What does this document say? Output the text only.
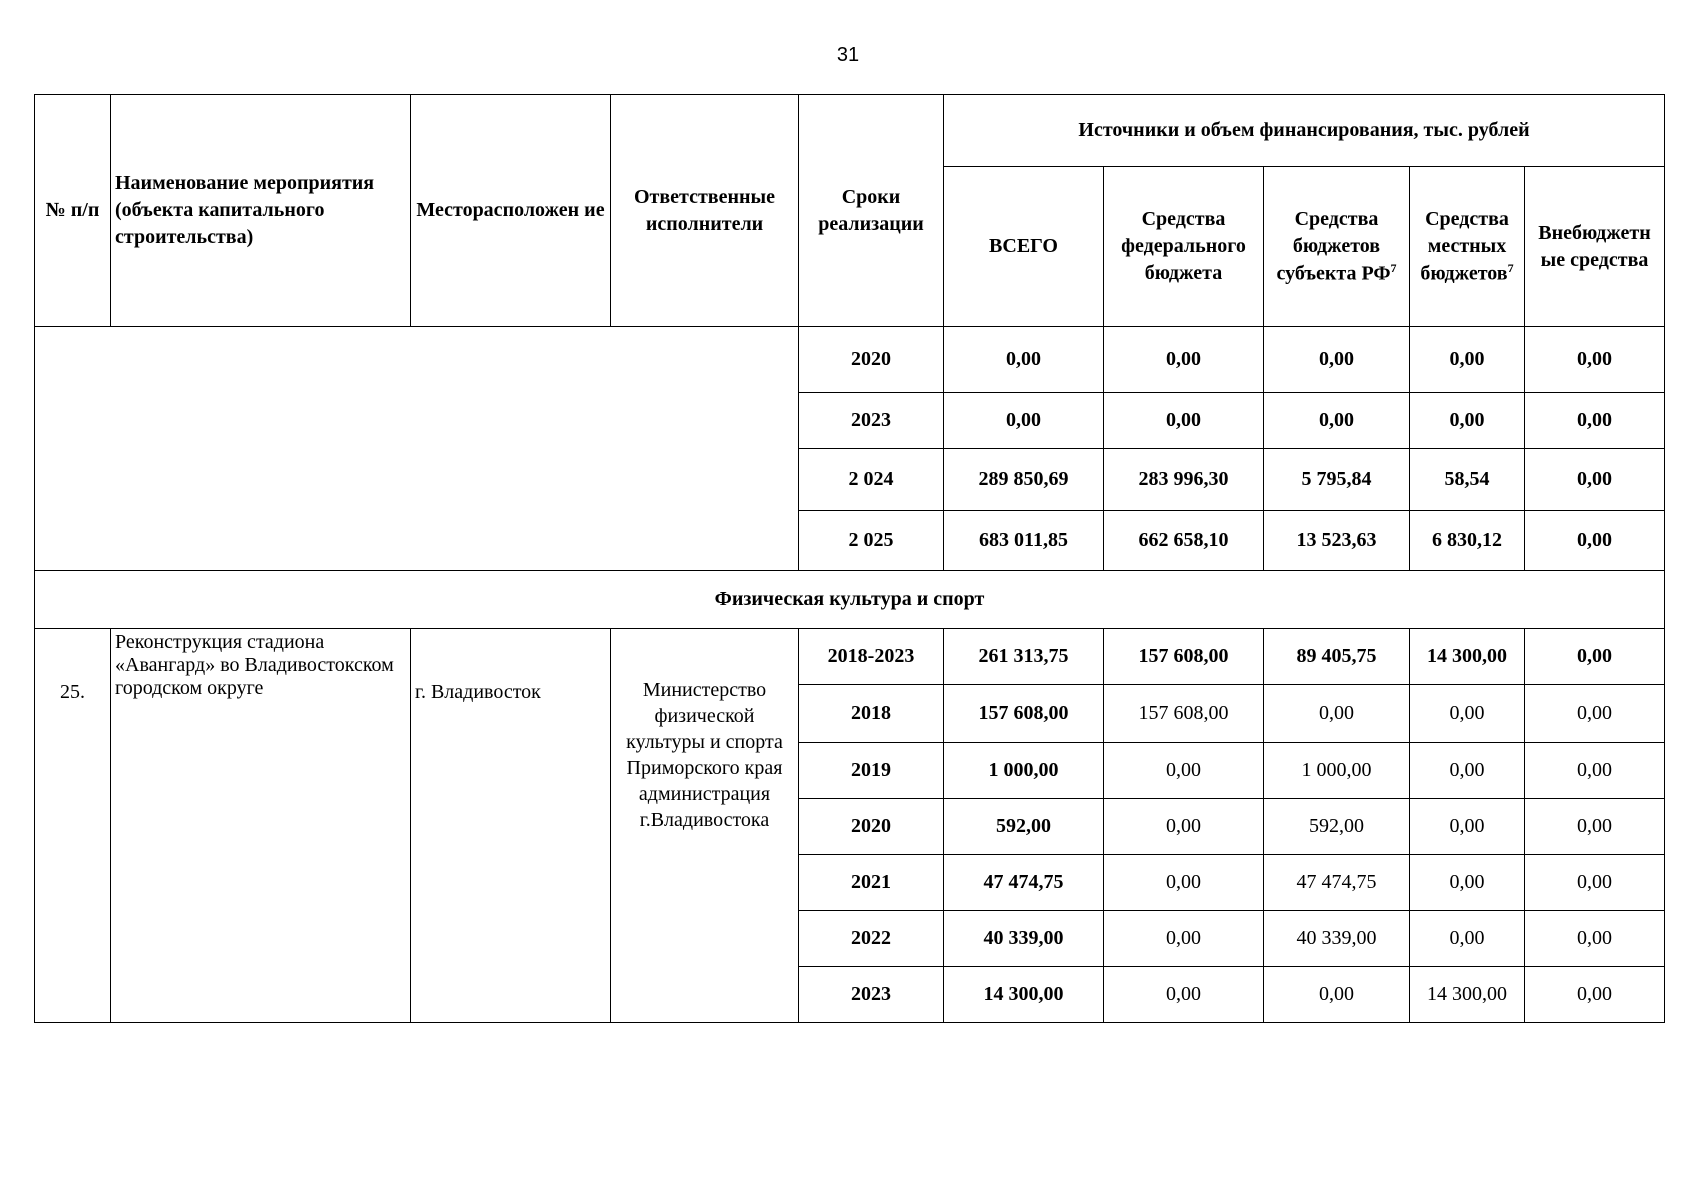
31
№ п/п	Наименование мероприятия (объекта капитального строительства)	Месторасположен ие	Ответственные исполнители	Сроки реализации	Источники и объем финансирования, тыс. рублей				
					ВСЕГО	Средства федерального бюджета	Средства бюджетов субъекта $РФ^7$	Средства местных бюджетов$^7$	Внебюджетн ые средства
				2020	0,00	0,00	0,00	0,00	0,00
				2023	0,00	0,00	0,00	0,00	0,00
				2 024	289 850,69	283 996,30	5 795,84	58,54	0,00
				2 025	683 011,85	662 658,10	13 523,63	6 830,12	0,00
Физическая культура и спорт									
25.	Реконструкция стадиона «Авангард» во Владивостокском городском округе	г. Владивосток	Министерство физической культуры и спорта Приморского края администрация г.Владивостока	2018-2023	261 313,75	157 608,00	89 405,75	14 300,00	0,00
				2018	157 608,00	157 608,00	0,00	0,00	0,00
				2019	1 000,00	0,00	1 000,00	0,00	0,00
				2020	592,00	0,00	592,00	0,00	0,00
				2021	47 474,75	0,00	47 474,75	0,00	0,00
				2022	40 339,00	0,00	40 339,00	0,00	0,00
				2023	14 300,00	0,00	0,00	14 300,00	0,00
